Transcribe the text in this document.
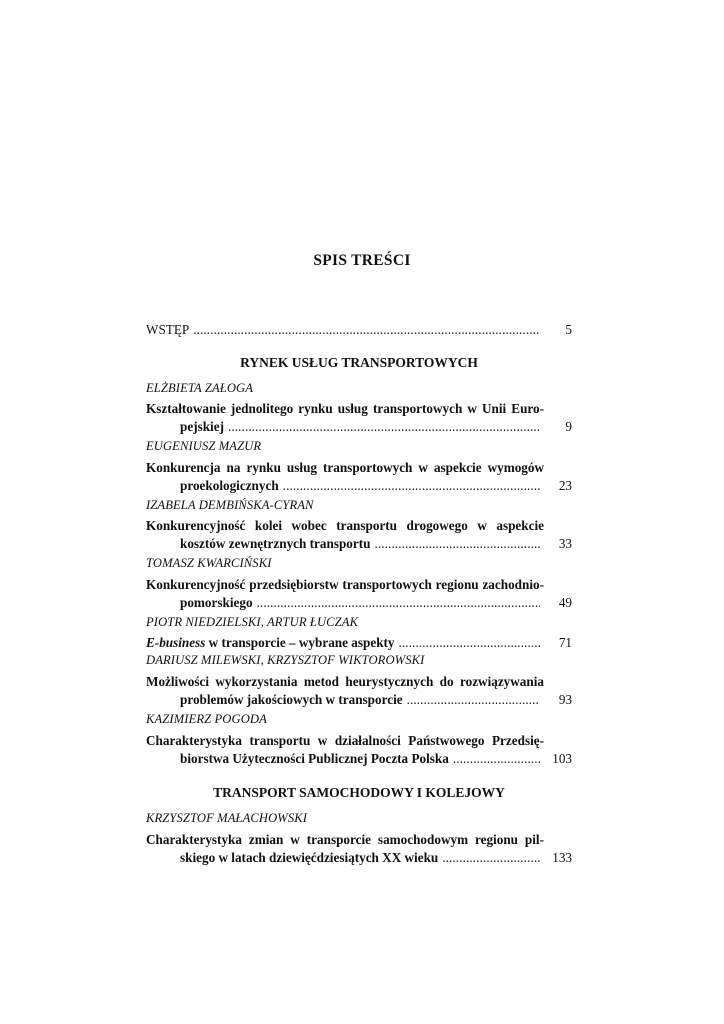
SPIS TREŚCI
WSTĘP . . .	5
RYNEK USŁUG TRANSPORTOWYCH
ELŻBIETA ZAŁOGA
Kształtowanie jednolitego rynku usług transportowych w Unii Euro-
pejskiej . . .	9
EUGENIUSZ MAZUR
Konkurencja na rynku usług transportowych w aspekcie wymogów
proekologicznych . . .	23
IZABELA DEMBIŃSKA-CYRAN
Konkurencyjność kolei wobec transportu drogowego w aspekcie
kosztów zewnętrznych transportu . . .	33
TOMASZ KWARCIŃSKI
Konkurencyjność przedsiębiorstw transportowych regionu zachodnio-
pomorskiego . . .	49
PIOTR NIEDZIELSKI, ARTUR ŁUCZAK
E-business w transporcie – wybrane aspekty . . .	71
DARIUSZ MILEWSKI, KRZYSZTOF WIKTOROWSKI
Możliwości wykorzystania metod heurystycznych do rozwiązywania
problemów jakościowych w transporcie . . .	93
KAZIMIERZ POGODA
Charakterystyka transportu w działalności Państwowego Przedsię-
biorstwa Użyteczności Publicznej Poczta Polska . . .	103
TRANSPORT SAMOCHODOWY I KOLEJOWY
KRZYSZTOF MAŁACHOWSKI
Charakterystyka zmian w transporcie samochodowym regionu pil-
skiego w latach dziewięćdziesiątych XX wieku . . .	133
